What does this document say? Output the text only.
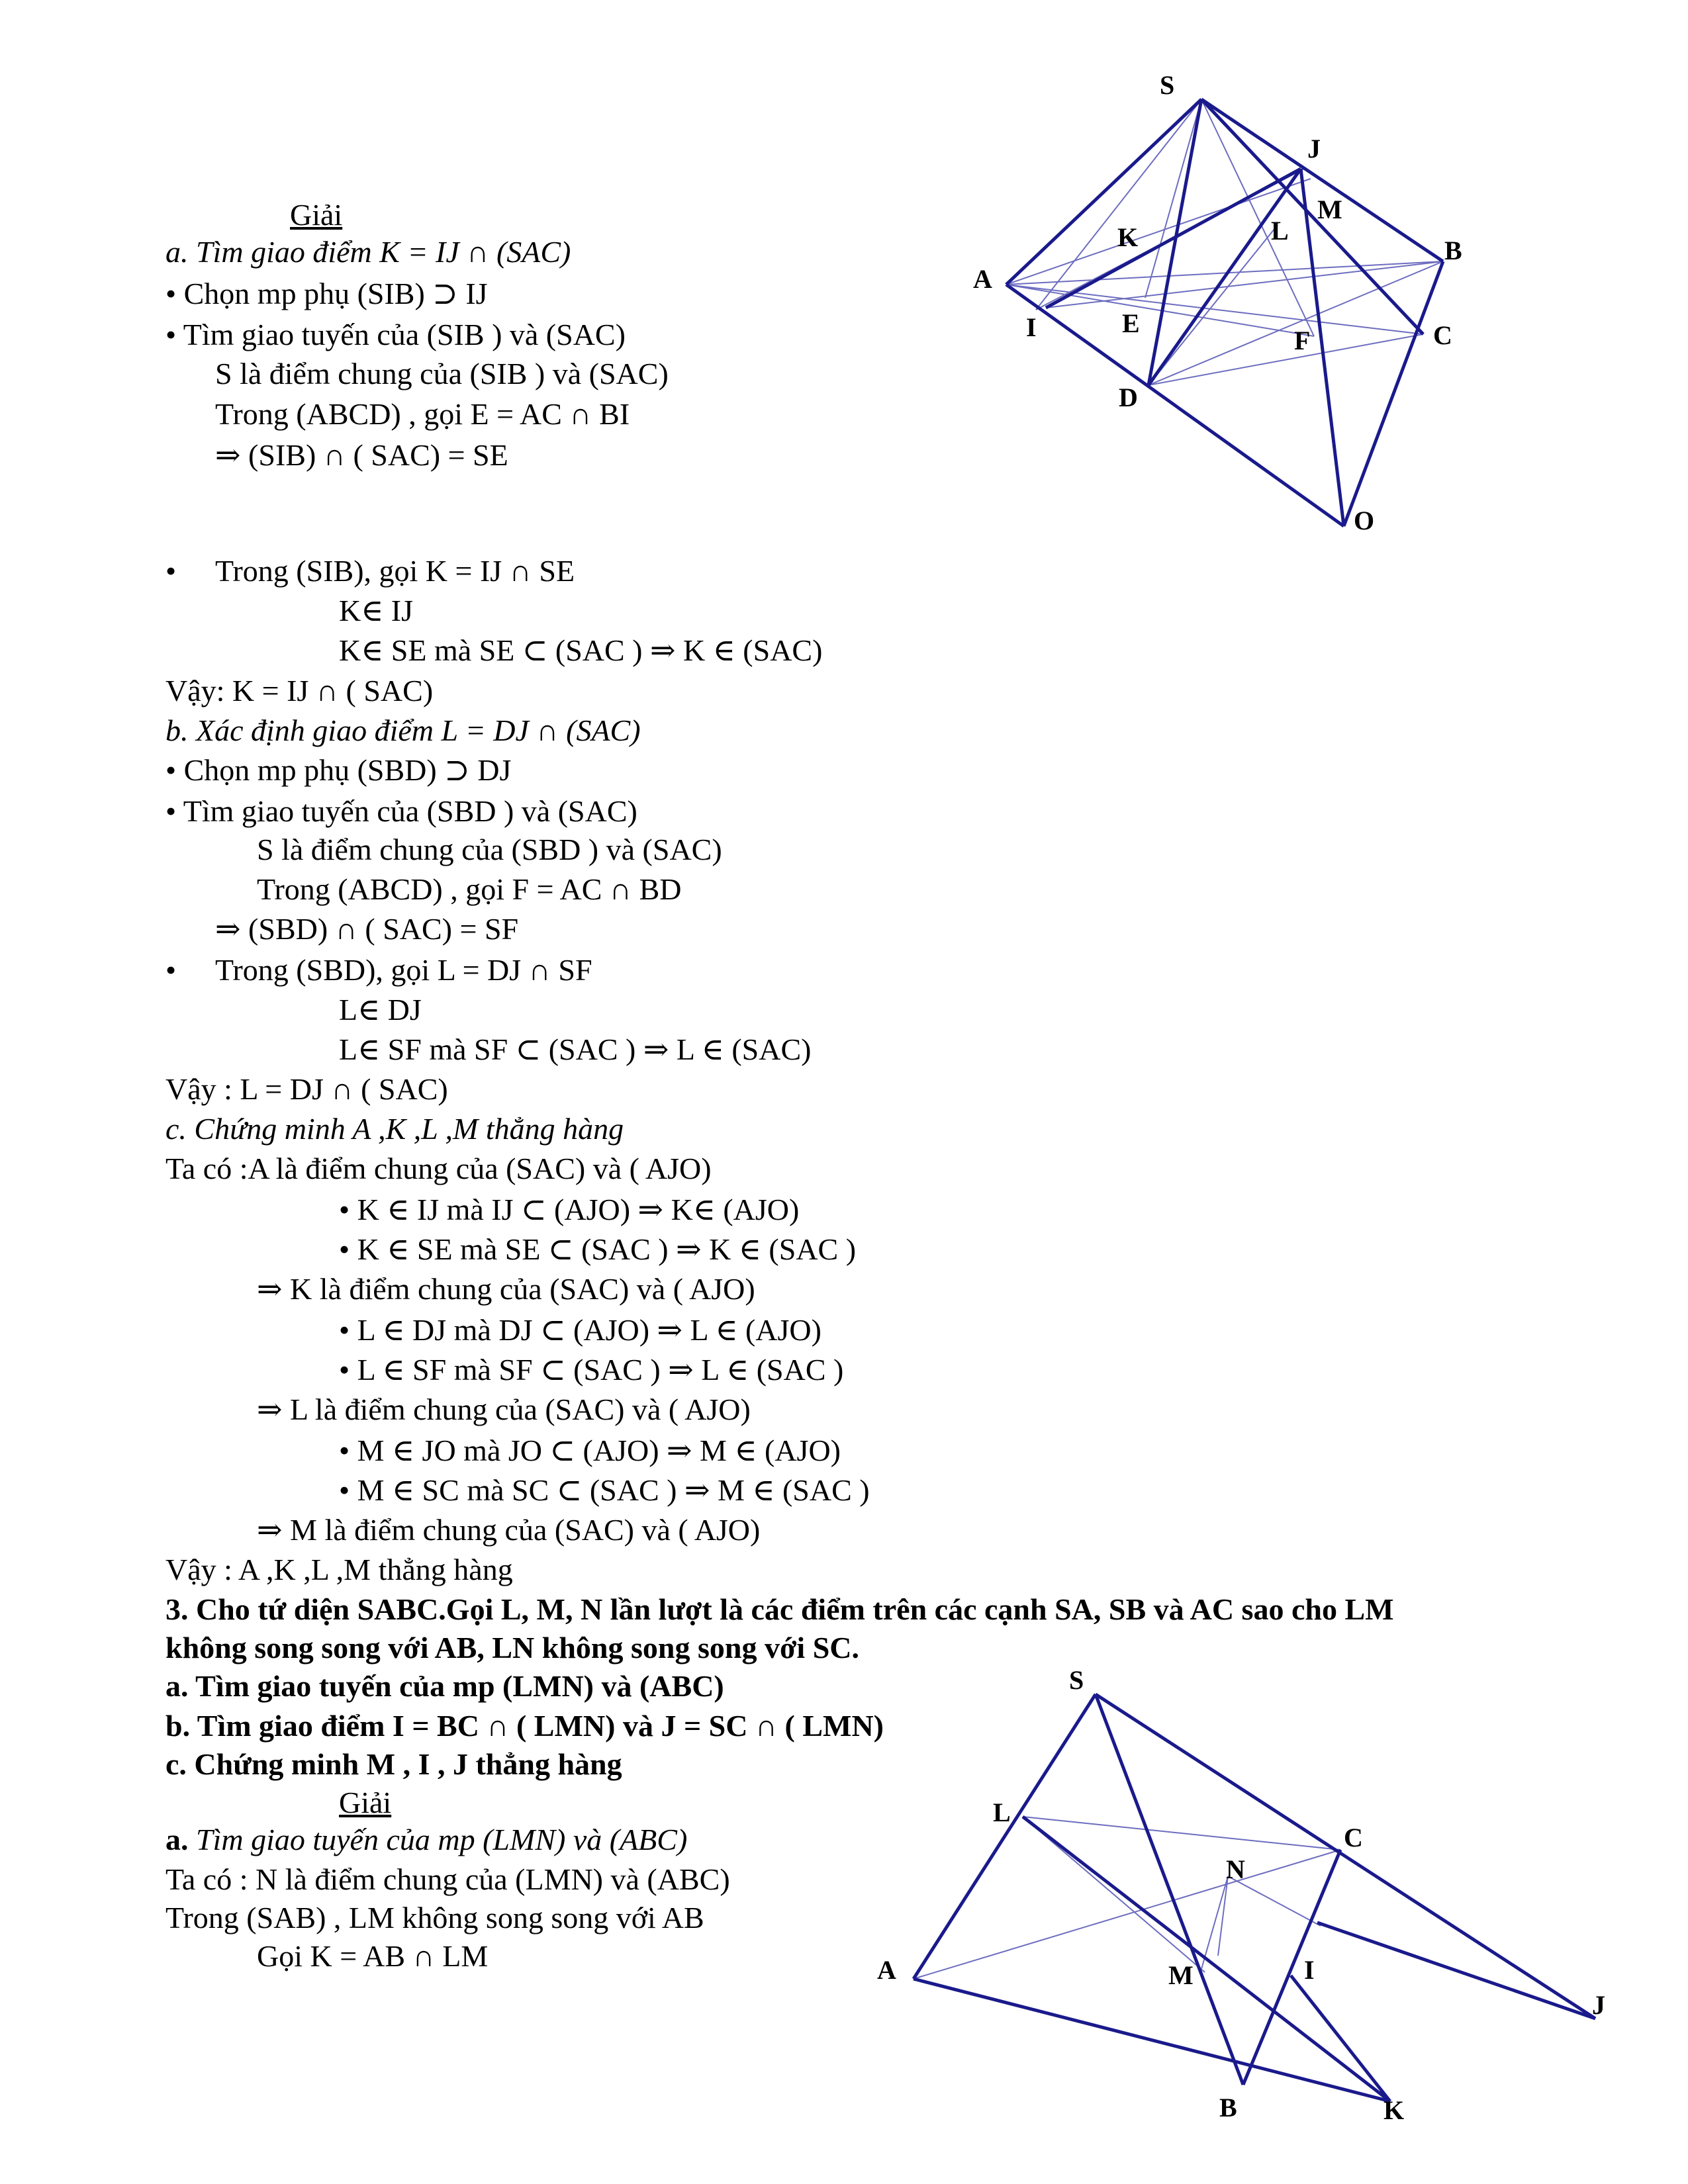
S
J
M
K	L
B
A
I	E
F	C
D
O
S
L
C
N
A	M	I
J
B	K
Giải
a. Tìm giao điểm K = IJ ∩ (SAC)
• Chọn mp phụ (SIB) ⊃ IJ
• Tìm giao tuyến của (SIB ) và (SAC)
S là điểm chung của (SIB ) và (SAC)
Trong (ABCD) , gọi E = AC ∩ BI
⇒ (SIB) ∩ ( SAC) = SE
• Trong (SIB), gọi K = IJ ∩ SE
K∈ IJ
K∈ SE mà SE ⊂ (SAC ) ⇒ K ∈ (SAC)
Vậy: K = IJ ∩ ( SAC)
b. Xác định giao điểm L = DJ ∩ (SAC)
• Chọn mp phụ (SBD) ⊃ DJ
• Tìm giao tuyến của (SBD ) và (SAC)
S là điểm chung của (SBD ) và (SAC)
Trong (ABCD) , gọi F = AC ∩ BD
⇒ (SBD) ∩ ( SAC) = SF
• Trong (SBD), gọi L = DJ ∩ SF
L∈ DJ
L∈ SF mà SF ⊂ (SAC ) ⇒ L ∈ (SAC)
Vậy : L = DJ ∩ ( SAC)
c. Chứng minh A ,K ,L ,M thẳng hàng
Ta có :A là điểm chung của (SAC) và ( AJO)
• K ∈ IJ mà IJ ⊂ (AJO) ⇒ K∈ (AJO)
• K ∈ SE mà SE ⊂ (SAC ) ⇒ K ∈ (SAC )
⇒ K là điểm chung của (SAC) và ( AJO)
• L ∈ DJ mà DJ ⊂ (AJO) ⇒ L ∈ (AJO)
• L ∈ SF mà SF ⊂ (SAC ) ⇒ L ∈ (SAC )
⇒ L là điểm chung của (SAC) và ( AJO)
• M ∈ JO mà JO ⊂ (AJO) ⇒ M ∈ (AJO)
• M ∈ SC mà SC ⊂ (SAC ) ⇒ M ∈ (SAC )
⇒ M là điểm chung của (SAC) và ( AJO)
Vậy : A ,K ,L ,M thẳng hàng
3. Cho tứ diện SABC.Gọi L, M, N lần lượt là các điểm trên các cạnh SA, SB và AC sao cho LM
không song song với AB, LN không song song với SC.
a. Tìm giao tuyến của mp (LMN) và (ABC)
b. Tìm giao điểm I = BC ∩ ( LMN) và J = SC ∩ ( LMN)
c. Chứng minh M , I , J thẳng hàng
Giải
a. Tìm giao tuyến của mp (LMN) và (ABC)
Ta có : N là điểm chung của (LMN) và (ABC)
Trong (SAB) , LM không song song với AB
Gọi K = AB ∩ LM
